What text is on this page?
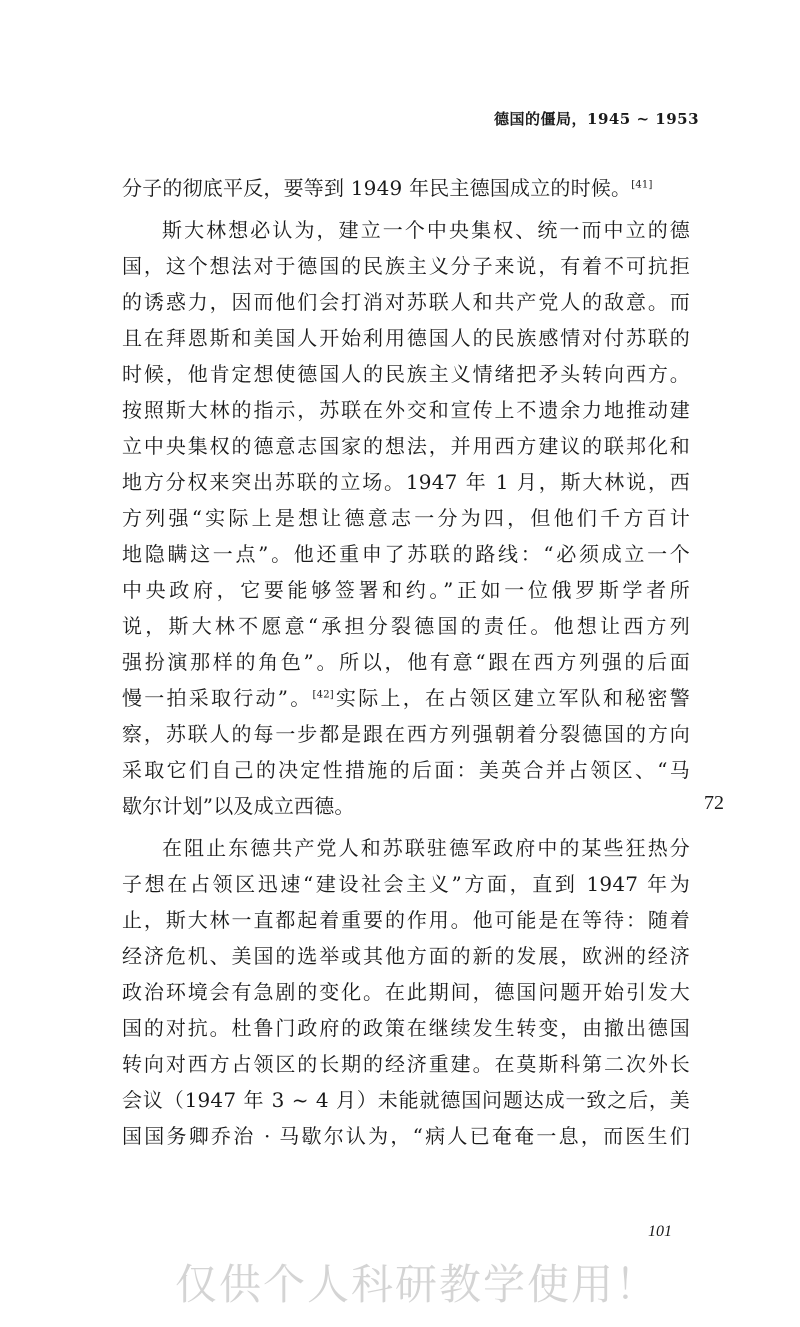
德国的僵局，1945 ~ 1953
分子的彻底平反，要等到 1949 年民主德国成立的时候。[41]
斯大林想必认为，建立一个中央集权、统一而中立的德
国，这个想法对于德国的民族主义分子来说，有着不可抗拒
的诱惑力，因而他们会打消对苏联人和共产党人的敌意。而
且在拜恩斯和美国人开始利用德国人的民族感情对付苏联的
时候，他肯定想使德国人的民族主义情绪把矛头转向西方。
按照斯大林的指示，苏联在外交和宣传上不遗余力地推动建
立中央集权的德意志国家的想法，并用西方建议的联邦化和
地方分权来突出苏联的立场。1947 年 1 月，斯大林说，西
方列强“实际上是想让德意志一分为四，但他们千方百计
地隐瞒这一点”。他还重申了苏联的路线：“必须成立一个
中央政府，它要能够签署和约。”正如一位俄罗斯学者所
说，斯大林不愿意“承担分裂德国的责任。他想让西方列
强扮演那样的角色”。所以，他有意“跟在西方列强的后面
慢一拍采取行动”。[42]实际上，在占领区建立军队和秘密警
察，苏联人的每一步都是跟在西方列强朝着分裂德国的方向
采取它们自己的决定性措施的后面：美英合并占领区、“马
歇尔计划”以及成立西德。
在阻止东德共产党人和苏联驻德军政府中的某些狂热分
子想在占领区迅速“建设社会主义”方面，直到 1947 年为
止，斯大林一直都起着重要的作用。他可能是在等待：随着
经济危机、美国的选举或其他方面的新的发展，欧洲的经济
政治环境会有急剧的变化。在此期间，德国问题开始引发大
国的对抗。杜鲁门政府的政策在继续发生转变，由撤出德国
转向对西方占领区的长期的经济重建。在莫斯科第二次外长
会议（1947 年 3 ~ 4 月）未能就德国问题达成一致之后，美
国国务卿乔治 · 马歇尔认为，“病人已奄奄一息，而医生们
72
101
仅供个人科研教学使用！
